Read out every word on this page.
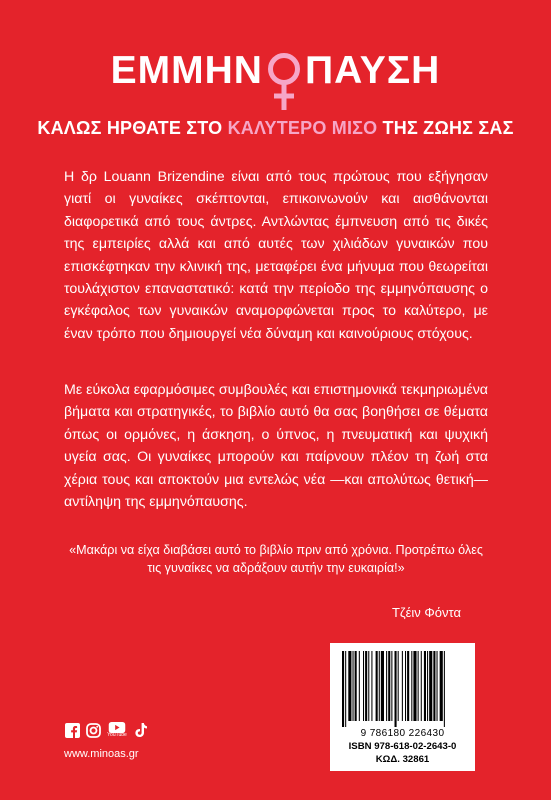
ΕΜΜΗΝ ΠΑΥΣΗ
ΚΑΛΩΣ ΗΡΘΑΤΕ ΣΤΟ ΚΑΛΥΤΕΡΟ ΜΙΣΟ ΤΗΣ ΖΩΗΣ ΣΑΣ

Η δρ Louann Brizendine είναι από τους πρώτους που εξήγησαν γιατί οι γυναίκες σκέπτονται, επικοινωνούν και αισθάνονται διαφορετικά από τους άντρες. Αντλώντας έμπνευση από τις δικές της εμπειρίες αλλά και από αυτές των χιλιάδων γυναικών που επισκέφτηκαν την κλινική της, μεταφέρει ένα μήνυμα που θεωρείται τουλάχιστον επαναστατικό: κατά την περίοδο της εμμηνόπαυσης ο εγκέφαλος των γυναικών αναμορφώνεται προς το καλύτερο, με έναν τρόπο που δημιουργεί νέα δύναμη και καινούριους στόχους.

Με εύκολα εφαρμόσιμες συμβουλές και επιστημονικά τεκμηριωμένα βήματα και στρατηγικές, το βιβλίο αυτό θα σας βοηθήσει σε θέματα όπως οι ορμόνες, η άσκηση, ο ύπνος, η πνευματική και ψυχική υγεία σας. Οι γυναίκες μπορούν και παίρνουν πλέον τη ζωή στα χέρια τους και αποκτούν μια εντελώς νέα —και απολύτως θετική— αντίληψη της εμμηνόπαυσης.

«Μακάρι να είχα διαβάσει αυτό το βιβλίο πριν από χρόνια. Προτρέπω όλες τις γυναίκες να αδράξουν αυτήν την ευκαιρία!»

Τζέιν Φόντα

9 786180 226430
ISBN 978-618-02-2643-0
ΚΩΔ. 32861
YouTube
www.minoas.gr
